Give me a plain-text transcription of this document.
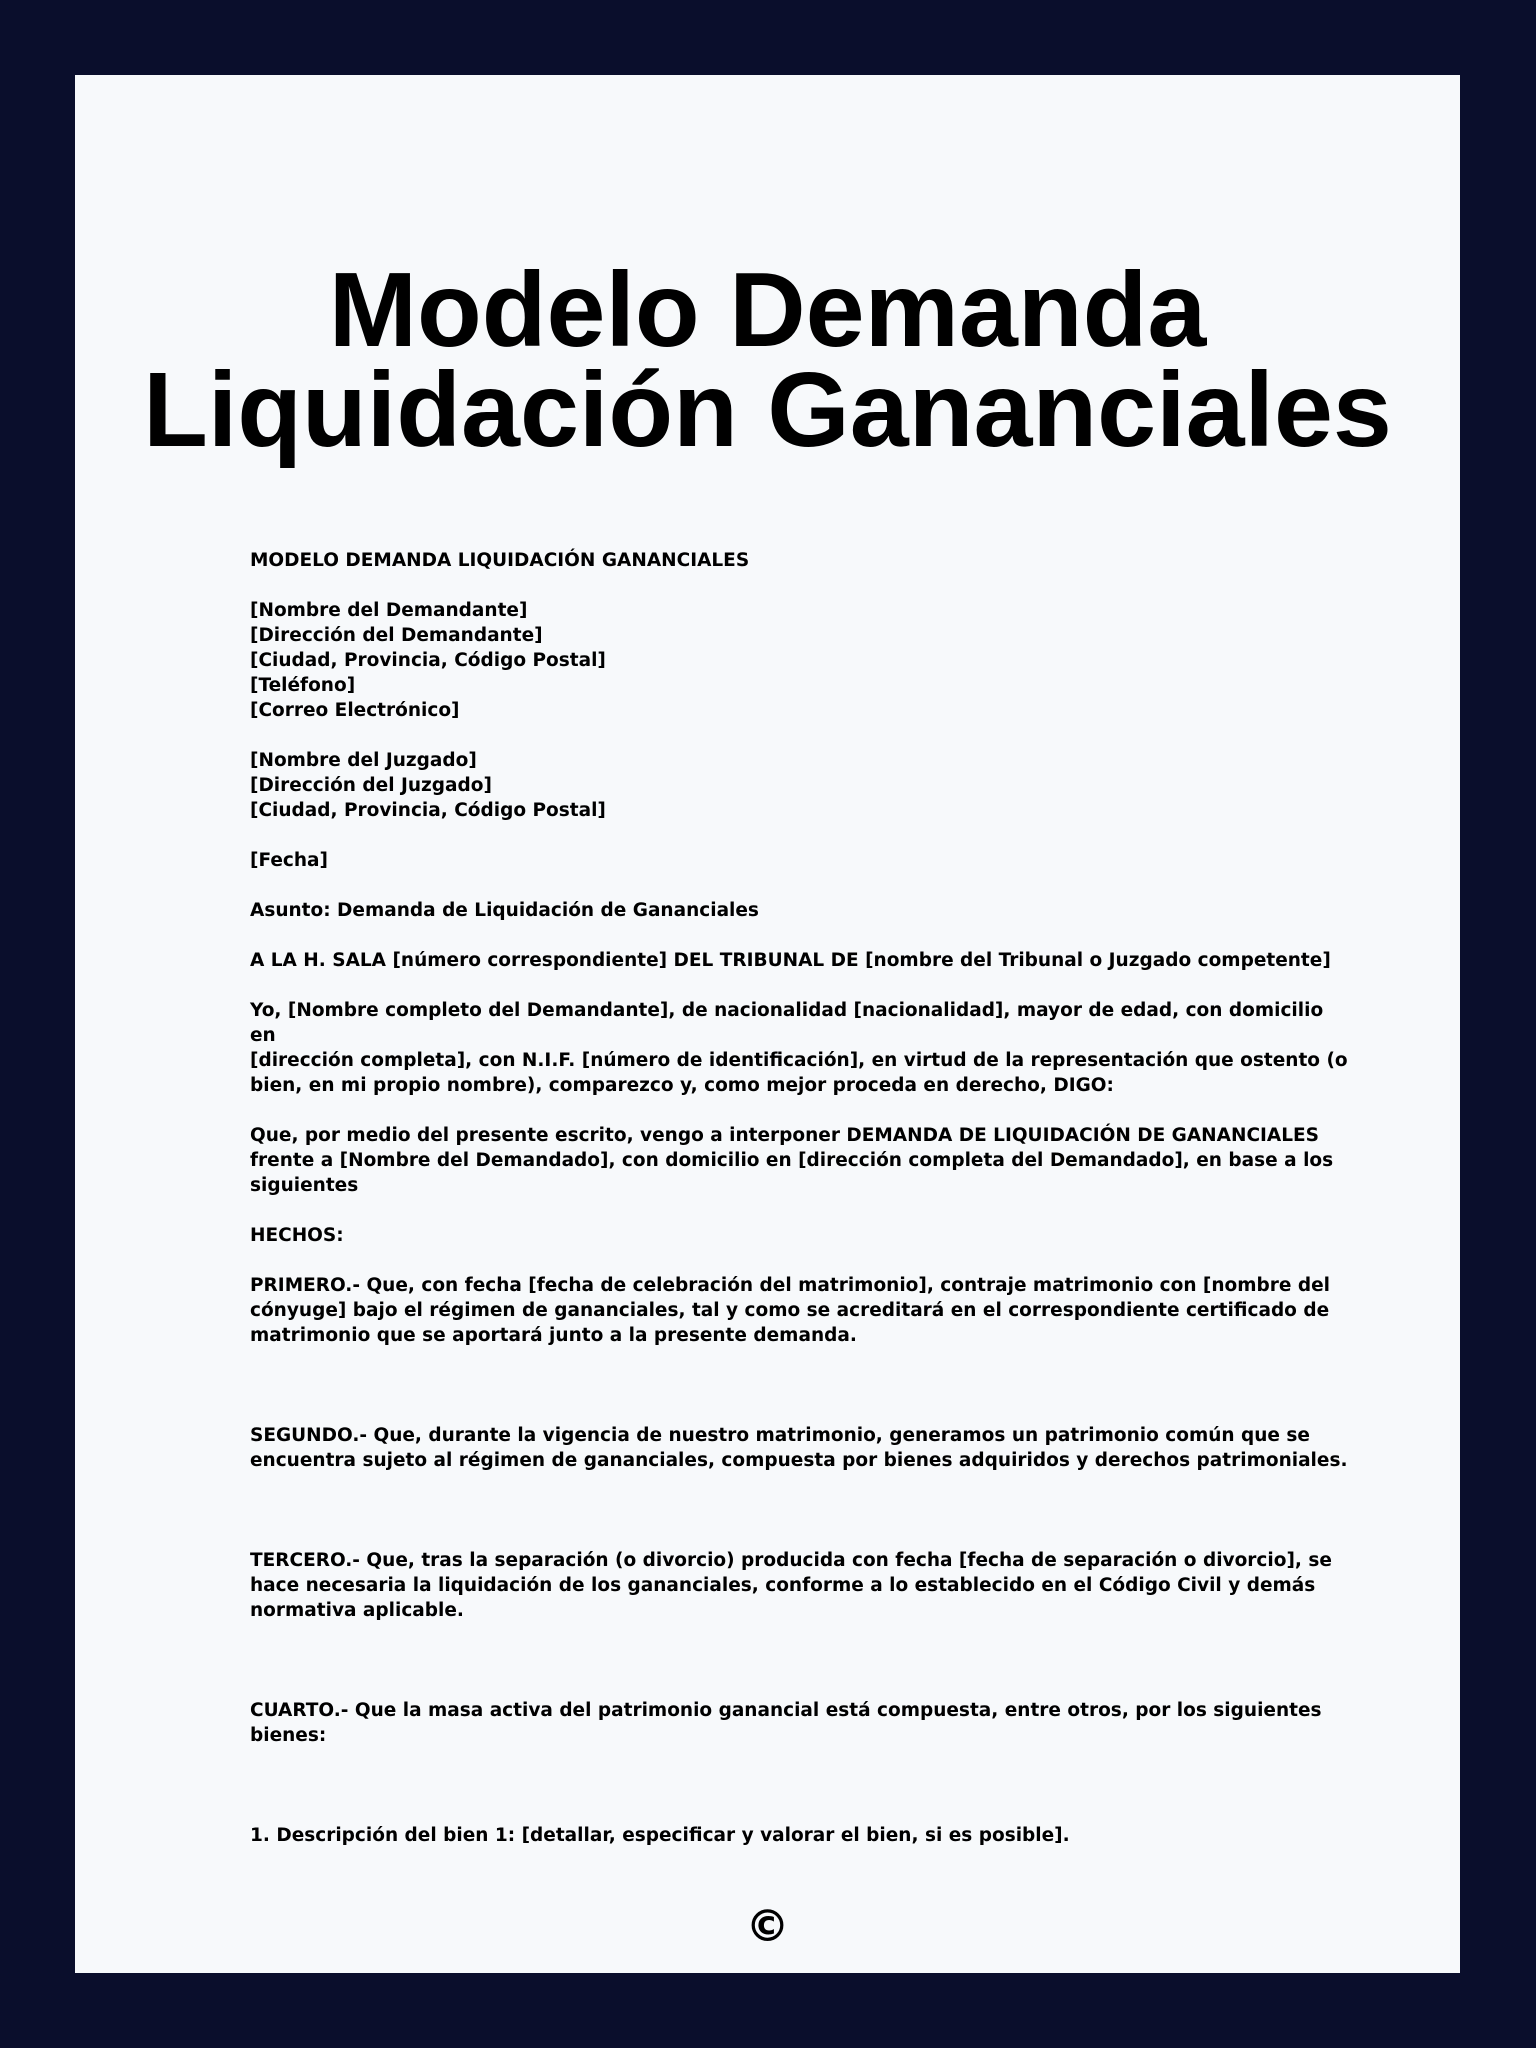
Modelo Demanda
Liquidación Gananciales

MODELO DEMANDA LIQUIDACIÓN GANANCIALES

[Nombre del Demandante]

[Dirección del Demandante]

[Ciudad, Provincia, Código Postal]

[Teléfono]

[Correo Electrónico]

[Nombre del Juzgado]

[Dirección del Juzgado]

[Ciudad, Provincia, Código Postal]

[Fecha]

Asunto: Demanda de Liquidación de Gananciales

A LA H. SALA [número correspondiente] DEL TRIBUNAL DE [nombre del Tribunal o Juzgado competente]

Yo, [Nombre completo del Demandante], de nacionalidad [nacionalidad], mayor de edad, con domicilio en

[dirección completa], con N.I.F. [número de identificación], en virtud de la representación que ostento (o

bien, en mi propio nombre), comparezco y, como mejor proceda en derecho, DIGO:

Que, por medio del presente escrito, vengo a interponer DEMANDA DE LIQUIDACIÓN DE GANANCIALES

frente a [Nombre del Demandado], con domicilio en [dirección completa del Demandado], en base a los

siguientes

HECHOS:

PRIMERO.- Que, con fecha [fecha de celebración del matrimonio], contraje matrimonio con [nombre del

cónyuge] bajo el régimen de gananciales, tal y como se acreditará en el correspondiente certificado de

matrimonio que se aportará junto a la presente demanda.

SEGUNDO.- Que, durante la vigencia de nuestro matrimonio, generamos un patrimonio común que se

encuentra sujeto al régimen de gananciales, compuesta por bienes adquiridos y derechos patrimoniales.

TERCERO.- Que, tras la separación (o divorcio) producida con fecha [fecha de separación o divorcio], se

hace necesaria la liquidación de los gananciales, conforme a lo establecido en el Código Civil y demás

normativa aplicable.

CUARTO.- Que la masa activa del patrimonio ganancial está compuesta, entre otros, por los siguientes

bienes:

1. Descripción del bien 1: [detallar, especificar y valorar el bien, si es posible].

©
